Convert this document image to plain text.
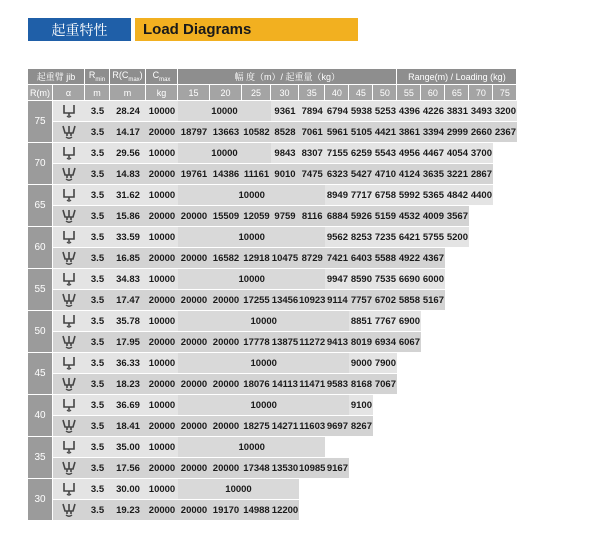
起重特性	Load Diagrams
起重臂 jib		$R_{min}$	$R(C_{max})$	$C_{max}$	幅 度（m）/ 起重量（kg）								Range(m) / Loading (kg)				
R(m)	α	m	m	kg	15	20	25	30	35	40	45	50	55	60	65	70	75
75		3.5	28.24	10000	10000			9361	7894	6794	5938	5253	4396	4226	3831	3493	3200

	3.5	14.17	20000	18797	13663	10582	8528	7061	5961	5105	4421	3861	3394	2999	2660	2367
70		3.5	29.56	10000	10000			9843	8307	7155	6259	5543	4956	4467	4054	3700	

	3.5	14.83	20000	19761	14386	11161	9010	7475	6323	5427	4710	4124	3635	3221	2867	
65		3.5	31.62	10000	10000					8949	7717	6758	5992	5365	4842	4400	

	3.5	15.86	20000	20000	15509	12059	9759	8116	6884	5926	5159	4532	4009	3567		
60		3.5	33.59	10000	10000					9562	8253	7235	6421	5755	5200		

	3.5	16.85	20000	20000	16582	12918	10475	8729	7421	6403	5588	4922	4367			
55		3.5	34.83	10000	10000					9947	8590	7535	6690	6000			

	3.5	17.47	20000	20000	20000	17255	13456	10923	9114	7757	6702	5858	5167			
50		3.5	35.78	10000	10000						8851	7767	6900				

	3.5	17.95	20000	20000	20000	17778	13875	11272	9413	8019	6934	6067				
45		3.5	36.33	10000	10000						9000	7900					

	3.5	18.23	20000	20000	20000	18076	14113	11471	9583	8168	7067					
40		3.5	36.69	10000	10000						9100						

	3.5	18.41	20000	20000	20000	18275	14271	11603	9697	8267						
35		3.5	35.00	10000	10000												

	3.5	17.56	20000	20000	20000	17348	13530	10985	9167							
30		3.5	30.00	10000	10000												

	3.5	19.23	20000	20000	19170	14988	12200									
